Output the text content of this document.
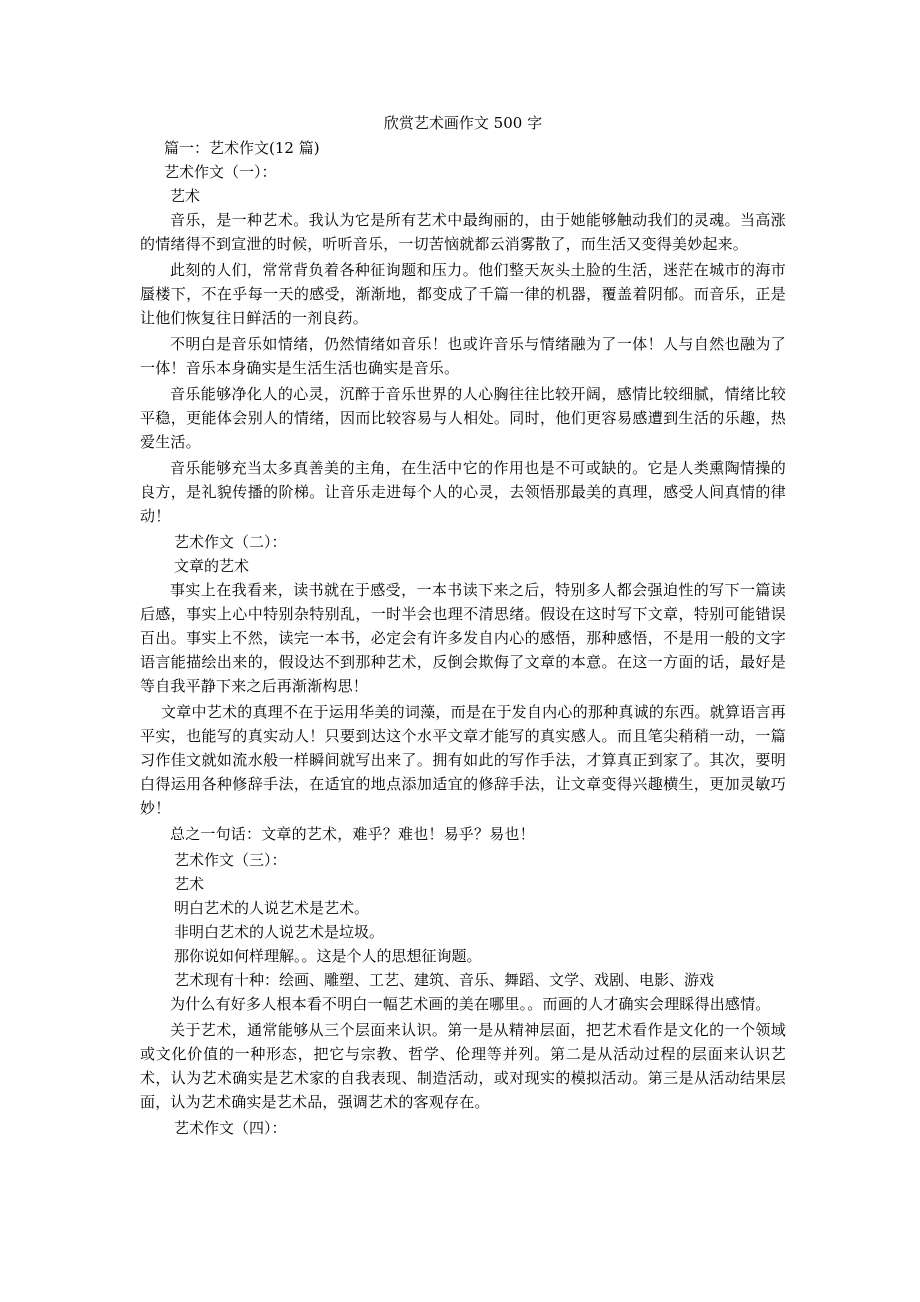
欣赏艺术画作文 500 字

篇一：艺术作文(12 篇)

艺术作文（一）：

艺术

音乐，是一种艺术。我认为它是所有艺术中最绚丽的，由于她能够触动我们的灵魂。当高涨的情绪得不到宣泄的时候，听听音乐，一切苦恼就都云消雾散了，而生活又变得美妙起来。

此刻的人们，常常背负着各种征询题和压力。他们整天灰头土脸的生活，迷茫在城市的海市蜃楼下，不在乎每一天的感受，渐渐地，都变成了千篇一律的机器，覆盖着阴郁。而音乐，正是让他们恢复往日鲜活的一剂良药。

不明白是音乐如情绪，仍然情绪如音乐！也或许音乐与情绪融为了一体！人与自然也融为了一体！音乐本身确实是生活生活也确实是音乐。

音乐能够净化人的心灵，沉醉于音乐世界的人心胸往往比较开阔，感情比较细腻，情绪比较平稳，更能体会别人的情绪，因而比较容易与人相处。同时，他们更容易感遭到生活的乐趣，热爱生活。

音乐能够充当太多真善美的主角，在生活中它的作用也是不可或缺的。它是人类熏陶情操的良方，是礼貌传播的阶梯。让音乐走进每个人的心灵，去领悟那最美的真理，感受人间真情的律动！

艺术作文（二）：

文章的艺术

事实上在我看来，读书就在于感受，一本书读下来之后，特别多人都会强迫性的写下一篇读后感，事实上心中特别杂特别乱，一时半会也理不清思绪。假设在这时写下文章，特别可能错误百出。事实上不然，读完一本书，必定会有许多发自内心的感悟，那种感悟，不是用一般的文字语言能描绘出来的，假设达不到那种艺术，反倒会欺侮了文章的本意。在这一方面的话，最好是等自我平静下来之后再渐渐构思！

文章中艺术的真理不在于运用华美的词藻，而是在于发自内心的那种真诚的东西。就算语言再平实，也能写的真实动人！只要到达这个水平文章才能写的真实感人。而且笔尖稍稍一动，一篇习作佳文就如流水般一样瞬间就写出来了。拥有如此的写作手法，才算真正到家了。其次，要明白得运用各种修辞手法，在适宜的地点添加适宜的修辞手法，让文章变得兴趣横生，更加灵敏巧妙！

总之一句话：文章的艺术，难乎？难也！易乎？易也！

艺术作文（三）：

艺术

明白艺术的人说艺术是艺术。

非明白艺术的人说艺术是垃圾。

那你说如何样理解。。这是个人的思想征询题。

艺术现有十种：绘画、雕塑、工艺、建筑、音乐、舞蹈、文学、戏剧、电影、游戏

为什么有好多人根本看不明白一幅艺术画的美在哪里。。而画的人才确实会理睬得出感情。

关于艺术，通常能够从三个层面来认识。第一是从精神层面，把艺术看作是文化的一个领域或文化价值的一种形态，把它与宗教、哲学、伦理等并列。第二是从活动过程的层面来认识艺术，认为艺术确实是艺术家的自我表现、制造活动，或对现实的模拟活动。第三是从活动结果层面，认为艺术确实是艺术品，强调艺术的客观存在。

艺术作文（四）：
